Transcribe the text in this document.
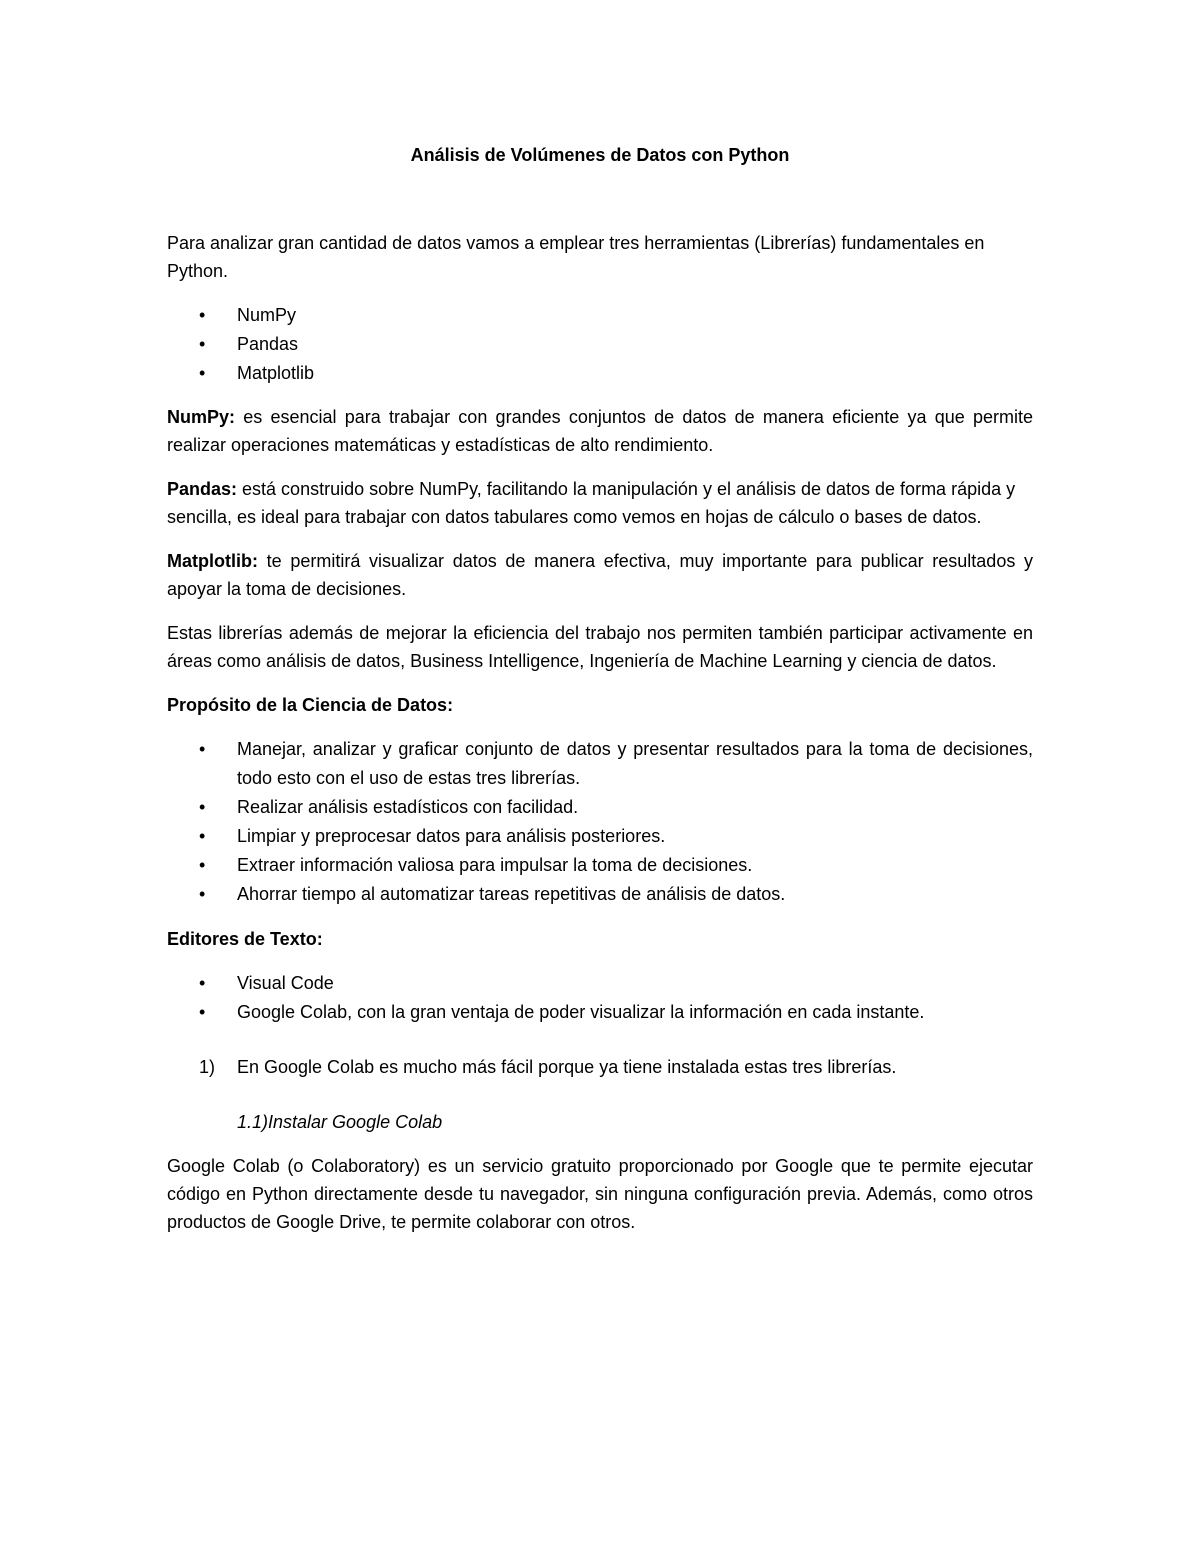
Análisis de Volúmenes de Datos con Python

Para analizar gran cantidad de datos vamos a emplear tres herramientas (Librerías) fundamentales en Python.

• NumPy
• Pandas
• Matplotlib

NumPy: es esencial para trabajar con grandes conjuntos de datos de manera eficiente ya que permite realizar operaciones matemáticas y estadísticas de alto rendimiento.

Pandas: está construido sobre NumPy, facilitando la manipulación y el análisis de datos de forma rápida y sencilla, es ideal para trabajar con datos tabulares como vemos en hojas de cálculo o bases de datos.

Matplotlib: te permitirá visualizar datos de manera efectiva, muy importante para publicar resultados y apoyar la toma de decisiones.

Estas librerías además de mejorar la eficiencia del trabajo nos permiten también participar activamente en áreas como análisis de datos, Business Intelligence, Ingeniería de Machine Learning y ciencia de datos.

Propósito de la Ciencia de Datos:

• Manejar, analizar y graficar conjunto de datos y presentar resultados para la toma de decisiones, todo esto con el uso de estas tres librerías.
• Realizar análisis estadísticos con facilidad.
• Limpiar y preprocesar datos para análisis posteriores.
• Extraer información valiosa para impulsar la toma de decisiones.
• Ahorrar tiempo al automatizar tareas repetitivas de análisis de datos.

Editores de Texto:

• Visual Code
• Google Colab, con la gran ventaja de poder visualizar la información en cada instante.
1) En Google Colab es mucho más fácil porque ya tiene instalada estas tres librerías.

1.1)Instalar Google Colab

Google Colab (o Colaboratory) es un servicio gratuito proporcionado por Google que te permite ejecutar código en Python directamente desde tu navegador, sin ninguna configuración previa. Además, como otros productos de Google Drive, te permite colaborar con otros.
